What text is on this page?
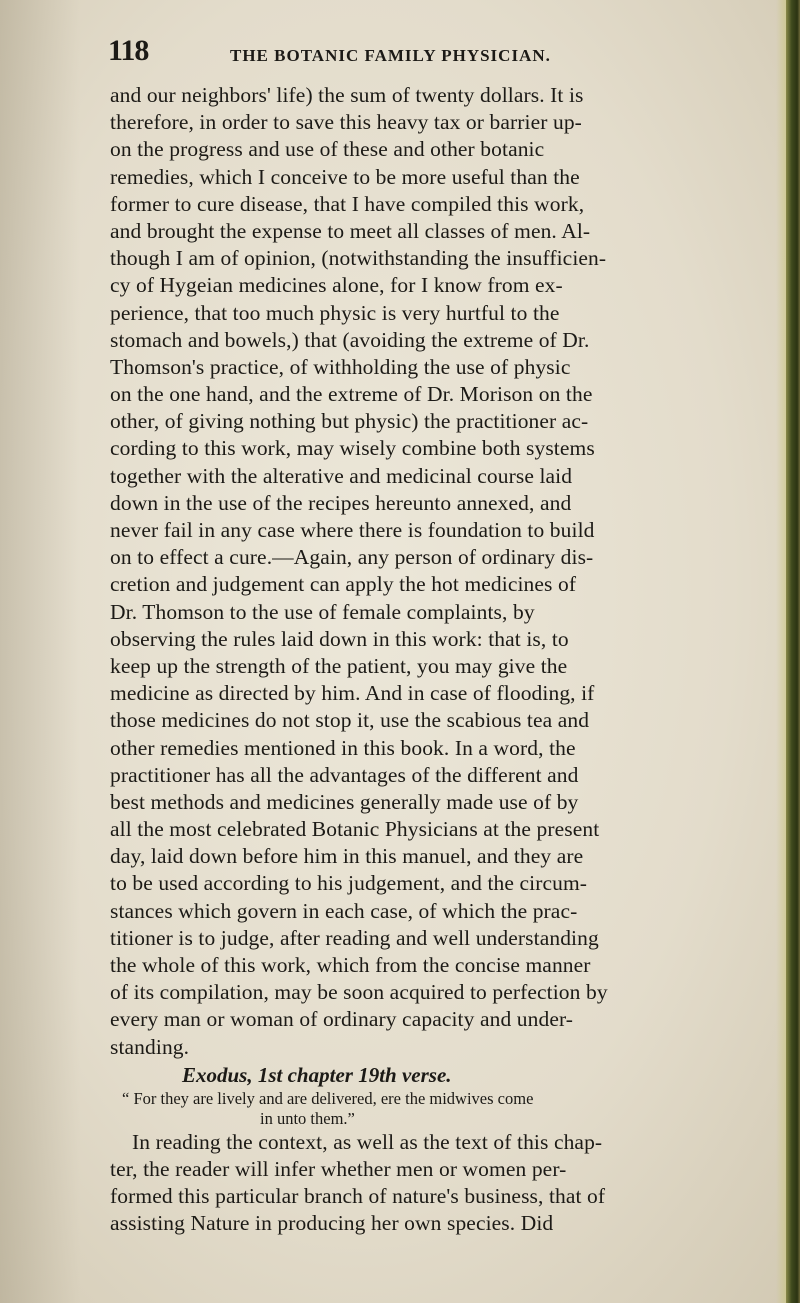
118	THE BOTANIC FAMILY PHYSICIAN.
and our neighbors' life) the sum of twenty dollars. It is
therefore, in order to save this heavy tax or barrier up-
on the progress and use of these and other botanic
remedies, which I conceive to be more useful than the
former to cure disease, that I have compiled this work,
and brought the expense to meet all classes of men. Al-
though I am of opinion, (notwithstanding the insufficien-
cy of Hygeian medicines alone, for I know from ex-
perience, that too much physic is very hurtful to the
stomach and bowels,) that (avoiding the extreme of Dr.
Thomson's practice, of withholding the use of physic
on the one hand, and the extreme of Dr. Morison on the
other, of giving nothing but physic) the practitioner ac-
cording to this work, may wisely combine both systems
together with the alterative and medicinal course laid
down in the use of the recipes hereunto annexed, and
never fail in any case where there is foundation to build
on to effect a cure.—Again, any person of ordinary dis-
cretion and judgement can apply the hot medicines of
Dr. Thomson to the use of female complaints, by
observing the rules laid down in this work: that is, to
keep up the strength of the patient, you may give the
medicine as directed by him. And in case of flooding, if
those medicines do not stop it, use the scabious tea and
other remedies mentioned in this book. In a word, the
practitioner has all the advantages of the different and
best methods and medicines generally made use of by
all the most celebrated Botanic Physicians at the present
day, laid down before him in this manuel, and they are
to be used according to his judgement, and the circum-
stances which govern in each case, of which the prac-
titioner is to judge, after reading and well understanding
the whole of this work, which from the concise manner
of its compilation, may be soon acquired to perfection by
every man or woman of ordinary capacity and under-
standing.
Exodus, 1st chapter 19th verse.
“ For they are lively and are delivered, ere the midwives come
in unto them.”
In reading the context, as well as the text of this chap-
ter, the reader will infer whether men or women per-
formed this particular branch of nature's business, that of
assisting Nature in producing her own species. Did
